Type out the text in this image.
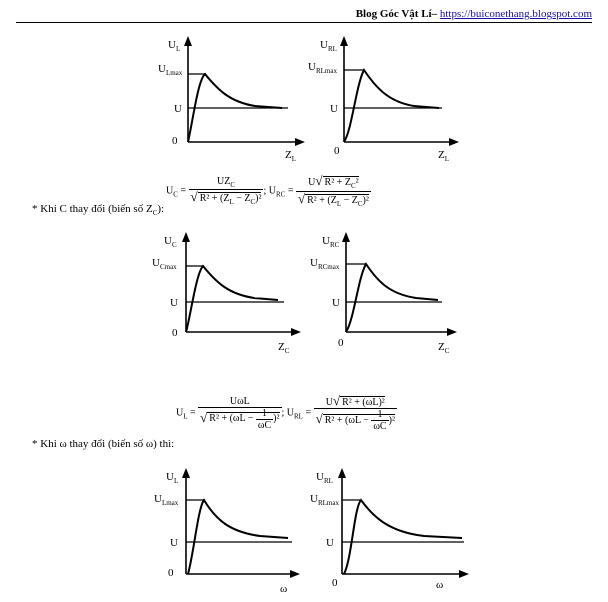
Blog Góc Vật Lí– https://buiconethang.blogspot.com
$U_L$
$U_{Lmax}$
U
0
$Z_L$
$U_{RL}$
$U_{RLmax}$
U
0	$Z_L$
$U_C = \frac{UZ_C}{√ R^2 + (Z_L - Z_C)^2}$ ; $U_{RC} = \frac{U√ R^2 + Z_C^2}{√ R^2 + (Z_L - Z_C)^2}$
* Khi C thay đổi (biến số $Z_C$):
$U_C$
$U_{Cmax}$
U
0
$Z_C$
$U_{RC}$
$U_{RCmax}$
U
0	$Z_C$
$U_L = \frac{\text{UωL}}{√ R^2 + (\omega L - \frac{1}{\omega C} )^2}$ ; $U_{RL} = \frac{\text{U√ R² + (ωL)²}}{√ R^2 + (\omega L - \frac{1}{\omega C} )^2}$
* Khi ω thay đổi (biến số ω) thì:
$U_L$
$U_{Lmax}$
U
0
ω
$U_{RL}$
$U_{RLmax}$
U
0	ω
